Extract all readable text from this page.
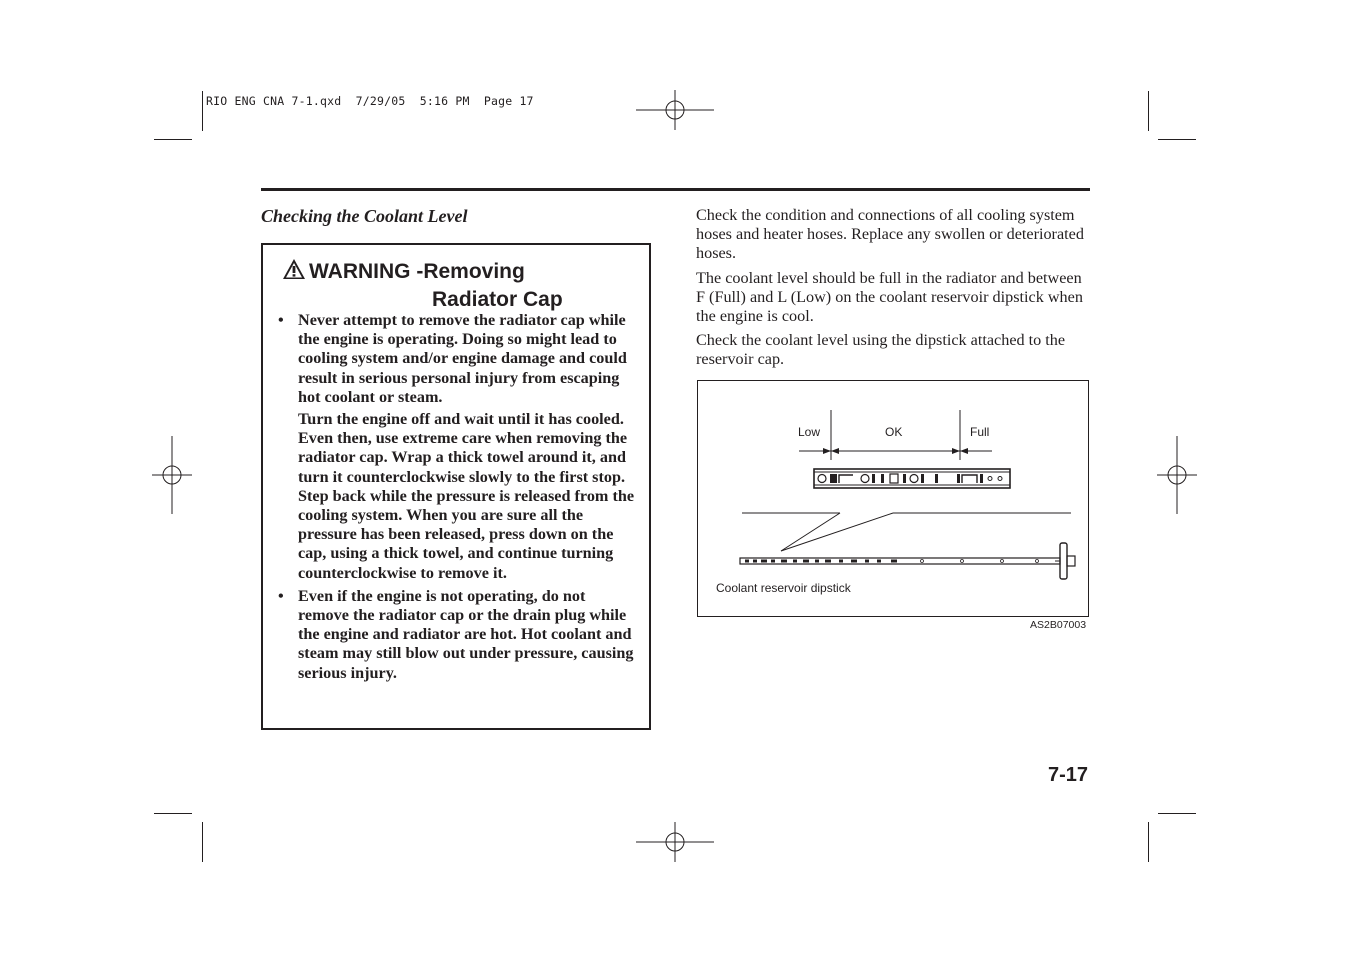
RIO ENG CNA 7-1.qxd  7/29/05  5:16 PM  Page 17
Checking the Coolant Level
WARNING -Removing
Radiator Cap
• Never attempt to remove the radiator cap while the engine is operating. Doing so might lead to cooling system and/or engine damage and could result in serious personal injury from escaping hot coolant or steam.

Turn the engine off and wait until it has cooled. Even then, use extreme care when removing the radiator cap. Wrap a thick towel around it, and turn it counterclockwise slowly to the first stop. Step back while the pressure is released from the cooling system. When you are sure all the pressure has been released, press down on the cap, using a thick towel, and continue turning counterclockwise to remove it.

• Even if the engine is not operating, do not remove the radiator cap or the drain plug while the engine and radiator are hot. Hot coolant and steam may still blow out under pressure, causing serious injury.

Check the condition and connections of all cooling system hoses and heater hoses. Replace any swollen or deteriorated hoses.

The coolant level should be full in the radiator and between F (Full) and L (Low) on the coolant reservoir dipstick when the engine is cool.

Check the coolant level using the dipstick attached to the reservoir cap.

Low	OK	Full
Coolant reservoir dipstick
AS2B07003
7-17
